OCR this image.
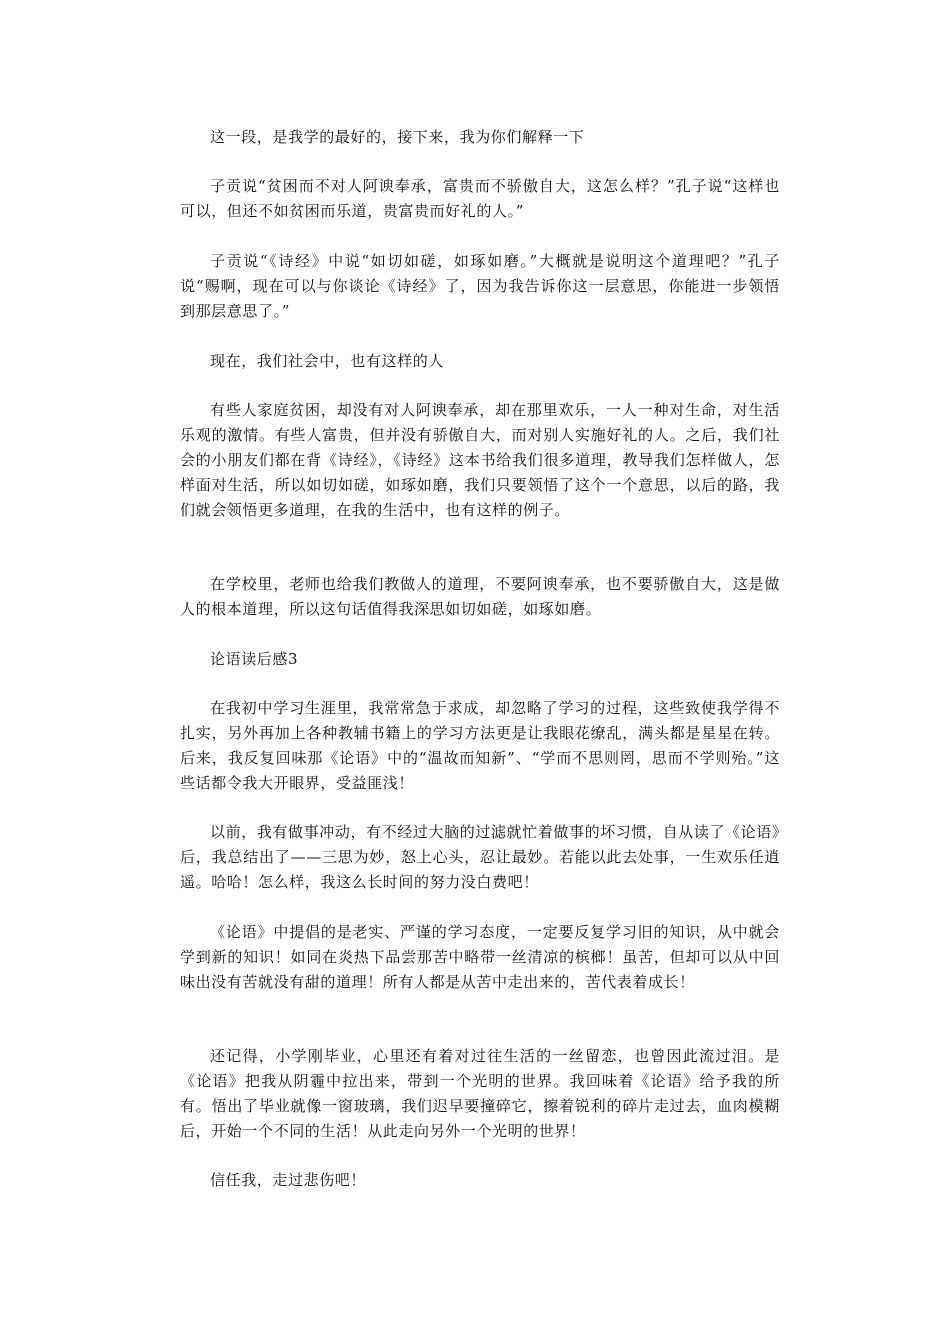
这一段，是我学的最好的，接下来，我为你们解释一下

子贡说“贫困而不对人阿谀奉承，富贵而不骄傲自大，这怎么样？”孔子说“这样也可以，但还不如贫困而乐道，贵富贵而好礼的人。”

子贡说“《诗经》中说“如切如磋，如琢如磨。”大概就是说明这个道理吧？”孔子说“赐啊，现在可以与你谈论《诗经》了，因为我告诉你这一层意思，你能进一步领悟到那层意思了。”

现在，我们社会中，也有这样的人

有些人家庭贫困，却没有对人阿谀奉承，却在那里欢乐，一人一种对生命，对生活乐观的激情。有些人富贵，但并没有骄傲自大，而对别人实施好礼的人。之后，我们社会的小朋友们都在背《诗经》，《诗经》这本书给我们很多道理，教导我们怎样做人，怎样面对生活，所以如切如磋，如琢如磨，我们只要领悟了这个一个意思，以后的路，我们就会领悟更多道理，在我的生活中，也有这样的例子。

在学校里，老师也给我们教做人的道理，不要阿谀奉承，也不要骄傲自大，这是做人的根本道理，所以这句话值得我深思如切如磋，如琢如磨。

论语读后感3

在我初中学习生涯里，我常常急于求成，却忽略了学习的过程，这些致使我学得不扎实，另外再加上各种教辅书籍上的学习方法更是让我眼花缭乱，满头都是星星在转。后来，我反复回味那《论语》中的“温故而知新”、“学而不思则罔，思而不学则殆。”这些话都令我大开眼界，受益匪浅！

以前，我有做事冲动，有不经过大脑的过滤就忙着做事的坏习惯，自从读了《论语》后，我总结出了——三思为妙，怒上心头，忍让最妙。若能以此去处事，一生欢乐任逍遥。哈哈！怎么样，我这么长时间的努力没白费吧！

《论语》中提倡的是老实、严谨的学习态度，一定要反复学习旧的知识，从中就会学到新的知识！如同在炎热下品尝那苦中略带一丝清凉的槟榔！虽苦，但却可以从中回味出没有苦就没有甜的道理！所有人都是从苦中走出来的，苦代表着成长！

还记得，小学刚毕业，心里还有着对过往生活的一丝留恋，也曾因此流过泪。是《论语》把我从阴霾中拉出来，带到一个光明的世界。我回味着《论语》给予我的所有。悟出了毕业就像一窗玻璃，我们迟早要撞碎它，擦着锐利的碎片走过去，血肉模糊后，开始一个不同的生活！从此走向另外一个光明的世界！

信任我，走过悲伤吧！
